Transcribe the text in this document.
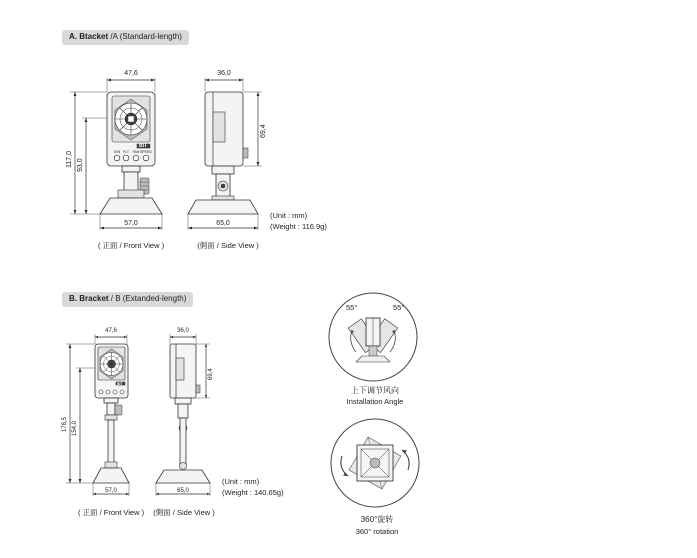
A. Btacket /A (Standard-length)
B. Bracket / B (Extanded-length)
47,6	36,0
117,0 93,0
69,4
57,0	65,0
BIT
ION FLT FAN SPEED
(Unit : mm)
(Weight : 116.9g)
( 正面 / Front View )	(側面 / Side View )
47,6	36,0
178,5 154,0
69,4
57,0	65,0
BIT
(Unit : mm)
(Weight : 140.65g)
( 正面 / Front View ) (側面 / Side View )
55°	55°
上下调节风向
Installation Angle
360°旋转
360° rotation
